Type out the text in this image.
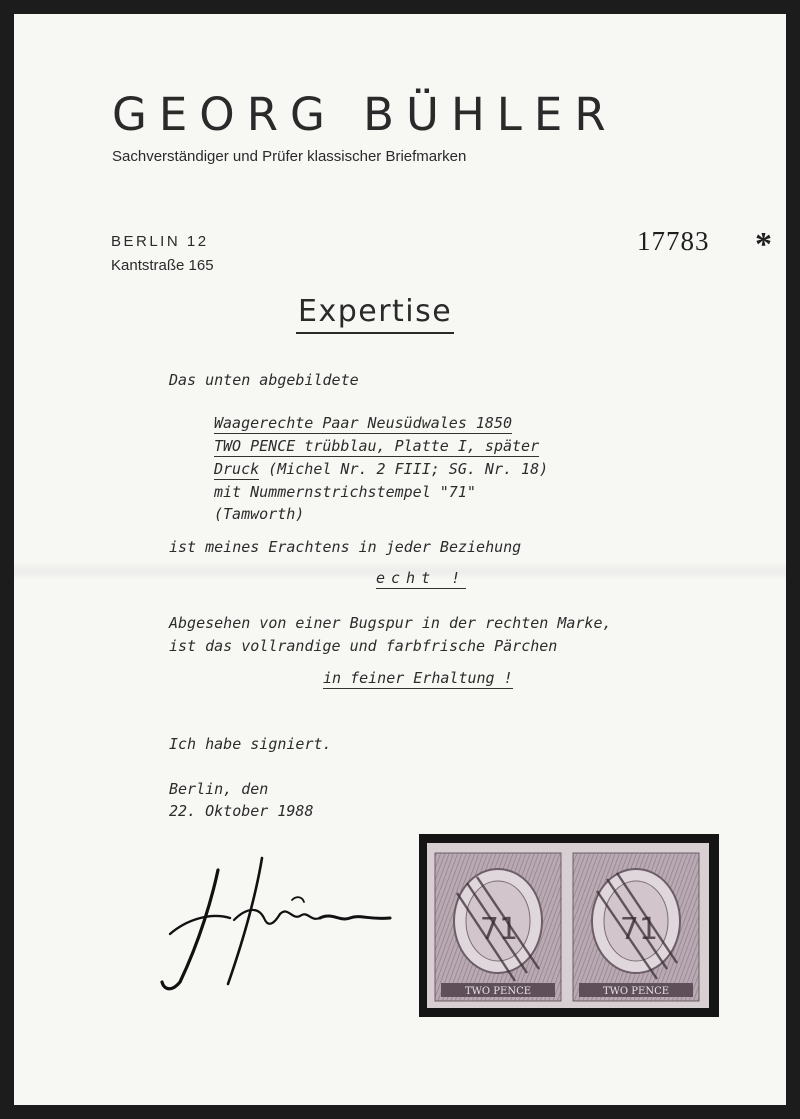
GEORG BÜHLER
Sachverständiger und Prüfer klassischer Briefmarken
BERLIN 12
Kantstraße 165
17783 *
Expertise
Das unten abgebildete
Waagerechte Paar Neusüdwales 1850
TWO PENCE trübblau, Platte I, später
Druck (Michel Nr. 2 FIII; SG. Nr. 18)
mit Nummernstrichstempel "71"
(Tamworth)
ist meines Erachtens in jeder Beziehung
echt !
Abgesehen von einer Bugspur in der rechten Marke,
ist das vollrandige und farbfrische Pärchen
in feiner Erhaltung !
Ich habe signiert.
Berlin, den
22. Oktober 1988
TWO PENCE	TWO PENCE
71	71
